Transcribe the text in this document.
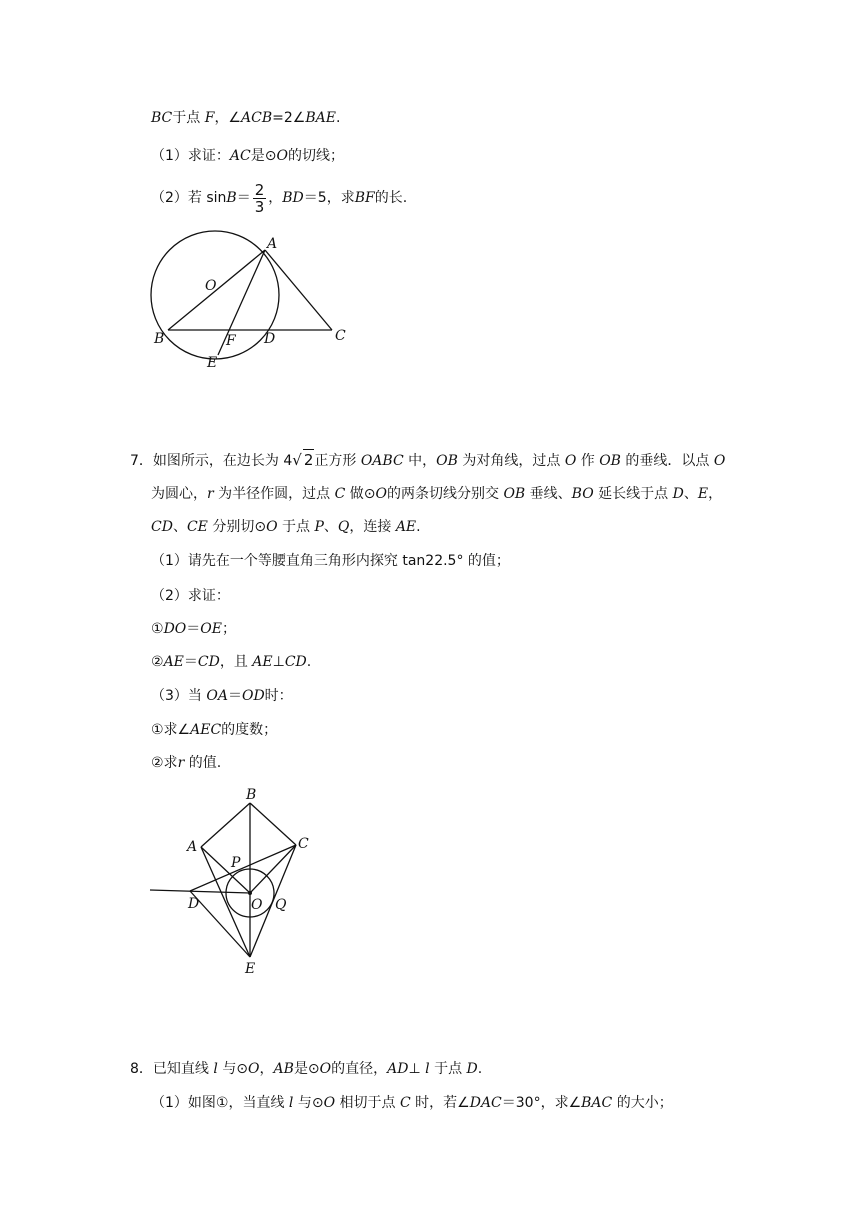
BC于点 F，∠ACB=2∠BAE.
（1）求证：AC是⊙O的切线；
（2）若 $\sin B= \frac{2}{3}$ ，BD＝5，求BF的长.
A
O
B	F D	C
E
7．如图所示，在边长为 4√ 2正方形 OABC 中，OB 为对角线，过点 O 作 OB 的垂线．以点 O
为圆心，r 为半径作圆，过点 C 做⊙O的两条切线分别交 OB 垂线、BO 延长线于点 D、E，
CD、CE 分别切⊙O 于点 P、Q，连接 AE.
（1）请先在一个等腰直角三角形内探究 tan22.5° 的值；
（2）求证：
①DO＝OE；
②AE＝CD，且 AE⊥CD.
（3）当 OA＝OD时：
①求∠AEC的度数；
②求r 的值.
B
A	C
P
D	O Q
E
8．已知直线 l 与⊙O，AB是⊙O的直径，AD⊥ l 于点 D.
（1）如图①，当直线 l 与⊙O 相切于点 C 时，若∠DAC＝30°，求∠BAC 的大小；
